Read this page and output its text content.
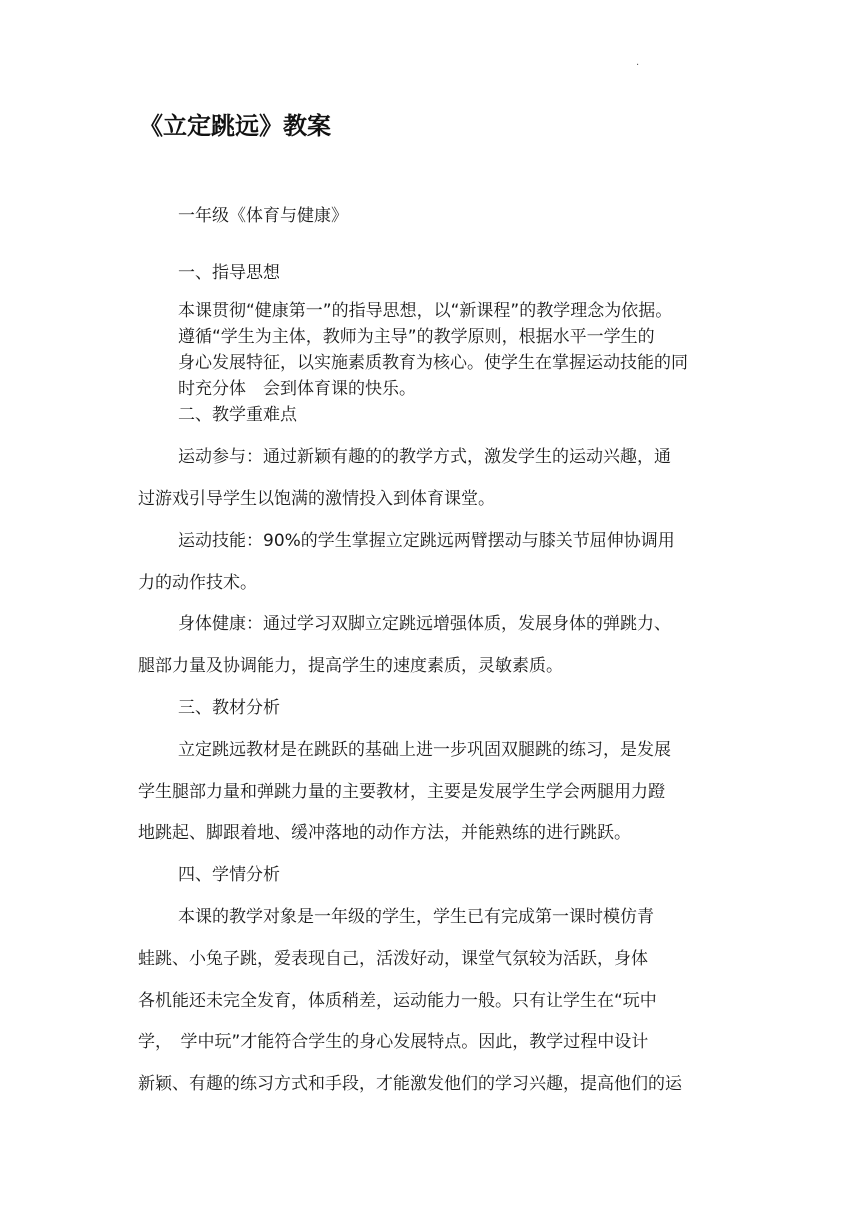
·
《立定跳远》教案
一年级《体育与健康》
一、指导思想
本课贯彻“健康第一”的指导思想，以“新课程”的教学理念为依据。
遵循“学生为主体，教师为主导”的教学原则，根据水平一学生的
身心发展特征，以实施素质教育为核心。使学生在掌握运动技能的同
时充分体　会到体育课的快乐。
二、教学重难点
运动参与：通过新颖有趣的的教学方式，激发学生的运动兴趣，通
过游戏引导学生以饱满的激情投入到体育课堂。
运动技能：90%的学生掌握立定跳远两臂摆动与膝关节屈伸协调用
力的动作技术。
身体健康：通过学习双脚立定跳远增强体质，发展身体的弹跳力、
腿部力量及协调能力，提高学生的速度素质，灵敏素质。
三、教材分析
立定跳远教材是在跳跃的基础上进一步巩固双腿跳的练习，是发展
学生腿部力量和弹跳力量的主要教材，主要是发展学生学会两腿用力蹬
地跳起、脚跟着地、缓冲落地的动作方法，并能熟练的进行跳跃。
四、学情分析
本课的教学对象是一年级的学生，学生已有完成第一课时模仿青
蛙跳、小兔子跳，爱表现自己，活泼好动，课堂气氛较为活跃，身体
各机能还未完全发育，体质稍差，运动能力一般。只有让学生在“玩中
学，　学中玩”才能符合学生的身心发展特点。因此，教学过程中设计
新颖、有趣的练习方式和手段，才能激发他们的学习兴趣，提高他们的运
